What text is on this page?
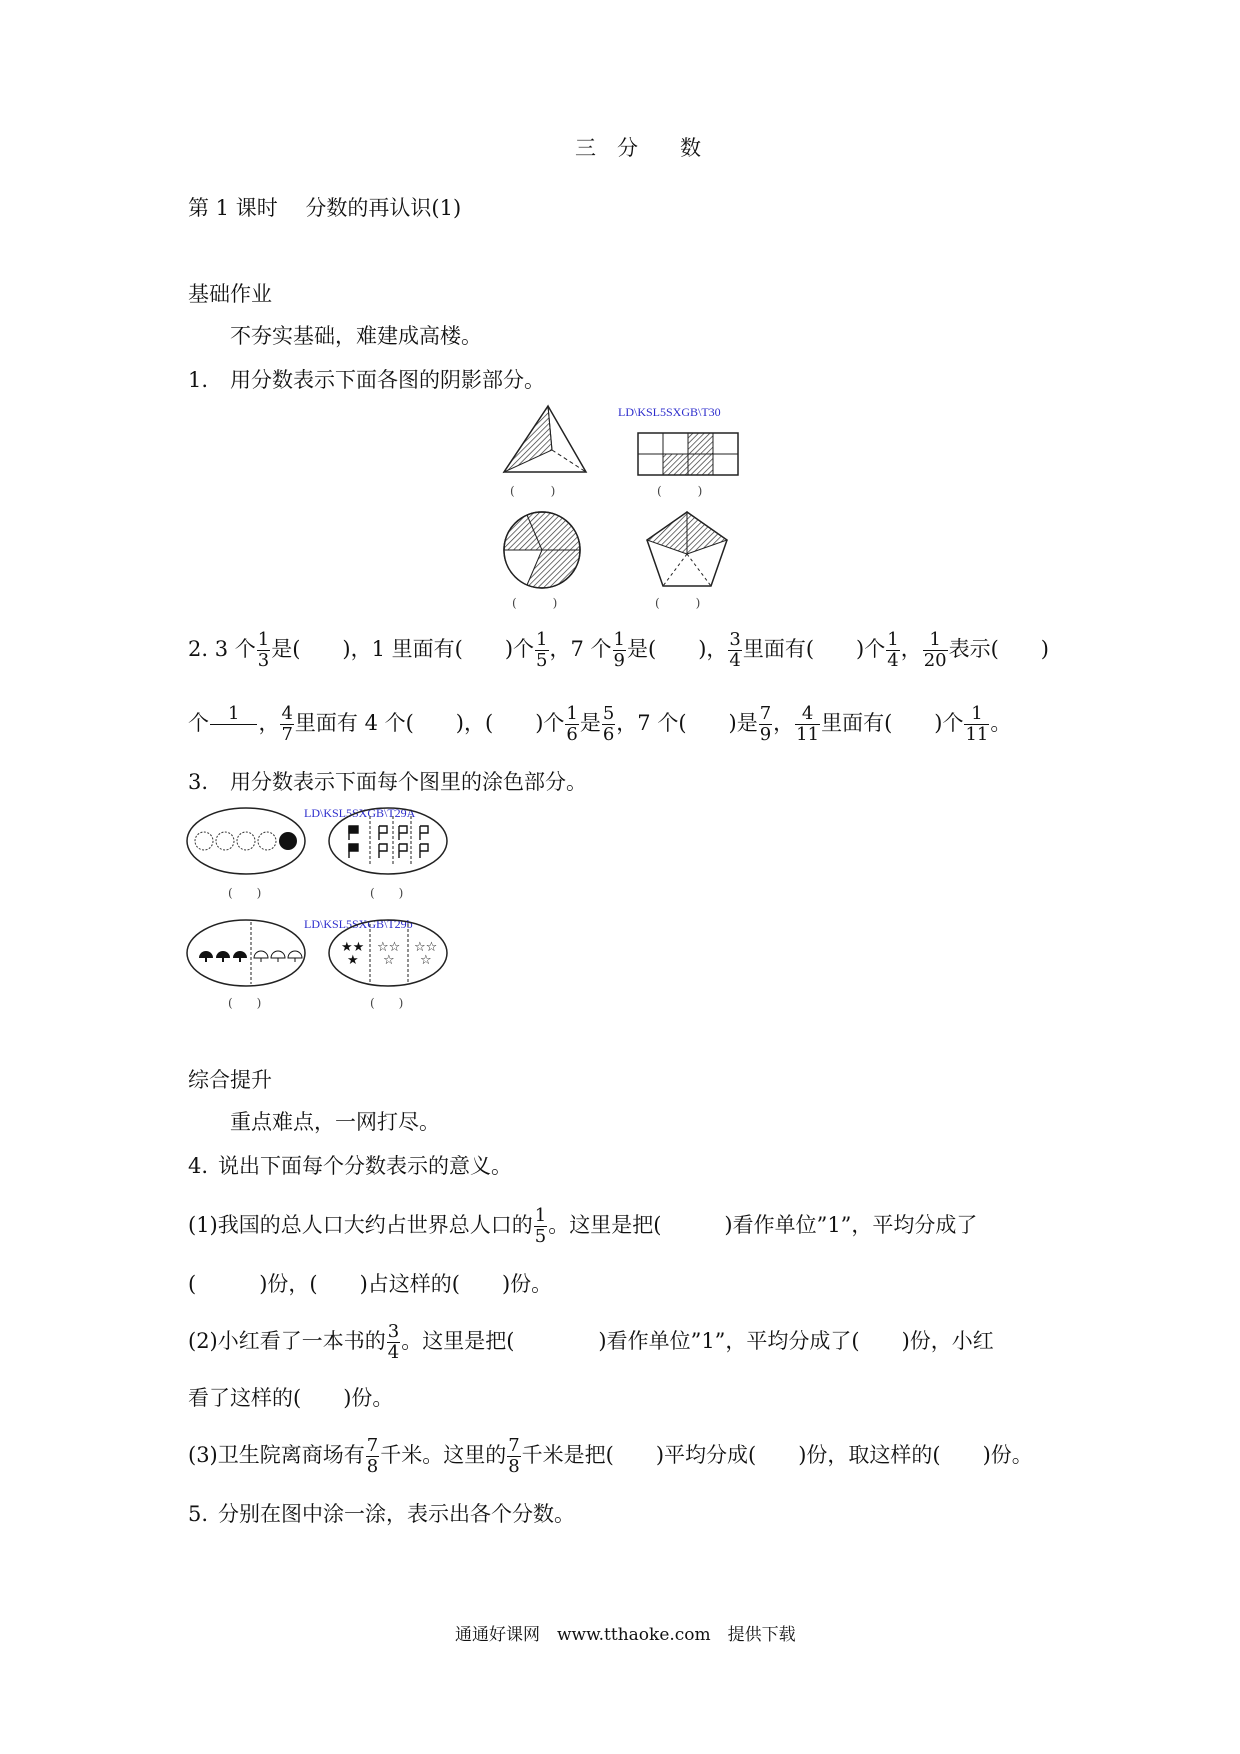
三　分　　数
第 1 课时　 分数的再认识(1)
基础作业
不夯实基础，难建成高楼。
1. 用分数表示下面各图的阴影部分。
(　　　)
LD\KSL5SXGB\T30
(　　　)
(　　　)	(　　　)
2. 3 个 $\frac{1}{3}$ 是(　　)，1 里面有(　　)个 $\frac{1}{5}$ ，7 个 $\frac{1}{9}$ 是(　　)， $\frac{3}{4}$ 里面有(　　)个 $\frac{1}{4}$ ， $\frac{1}{20}$ 表示(　　)
个	1
， $\frac{4}{7}$ 里面有 4 个(　　)，(　　)个 $\frac{1}{6}$ 是 $\frac{5}{6}$ ，7 个(　　)是 $\frac{7}{9}$ ， $\frac{4}{11}$ 里面有(　　)个 $\frac{1}{11}$ 。
3. 用分数表示下面每个图里的涂色部分。
(　　)
LD\KSL5SXGB\T29A
(　　)
(　　)
LD\KSL5SXGB\T29b
★★
★
☆☆
☆
☆☆
☆
(　　)
综合提升
重点难点，一网打尽。
4. 说出下面每个分数表示的意义。
(1)我国的总人口大约占世界总人口的 $\frac{1}{5}$ 。这里是把(　　　)看作单位”1”，平均分成了
(　　　)份，(　　)占这样的(　　)份。
(2)小红看了一本书的 $\frac{3}{4}$ 。这里是把(　　　　)看作单位”1”，平均分成了(　　)份，小红
看了这样的(　　)份。
(3)卫生院离商场有 $\frac{7}{8}$ 千米。这里的 $\frac{7}{8}$ 千米是把(　　)平均分成(　　)份，取这样的(　　)份。
5. 分别在图中涂一涂，表示出各个分数。
通通好课网　www.tthaoke.com　提供下载
